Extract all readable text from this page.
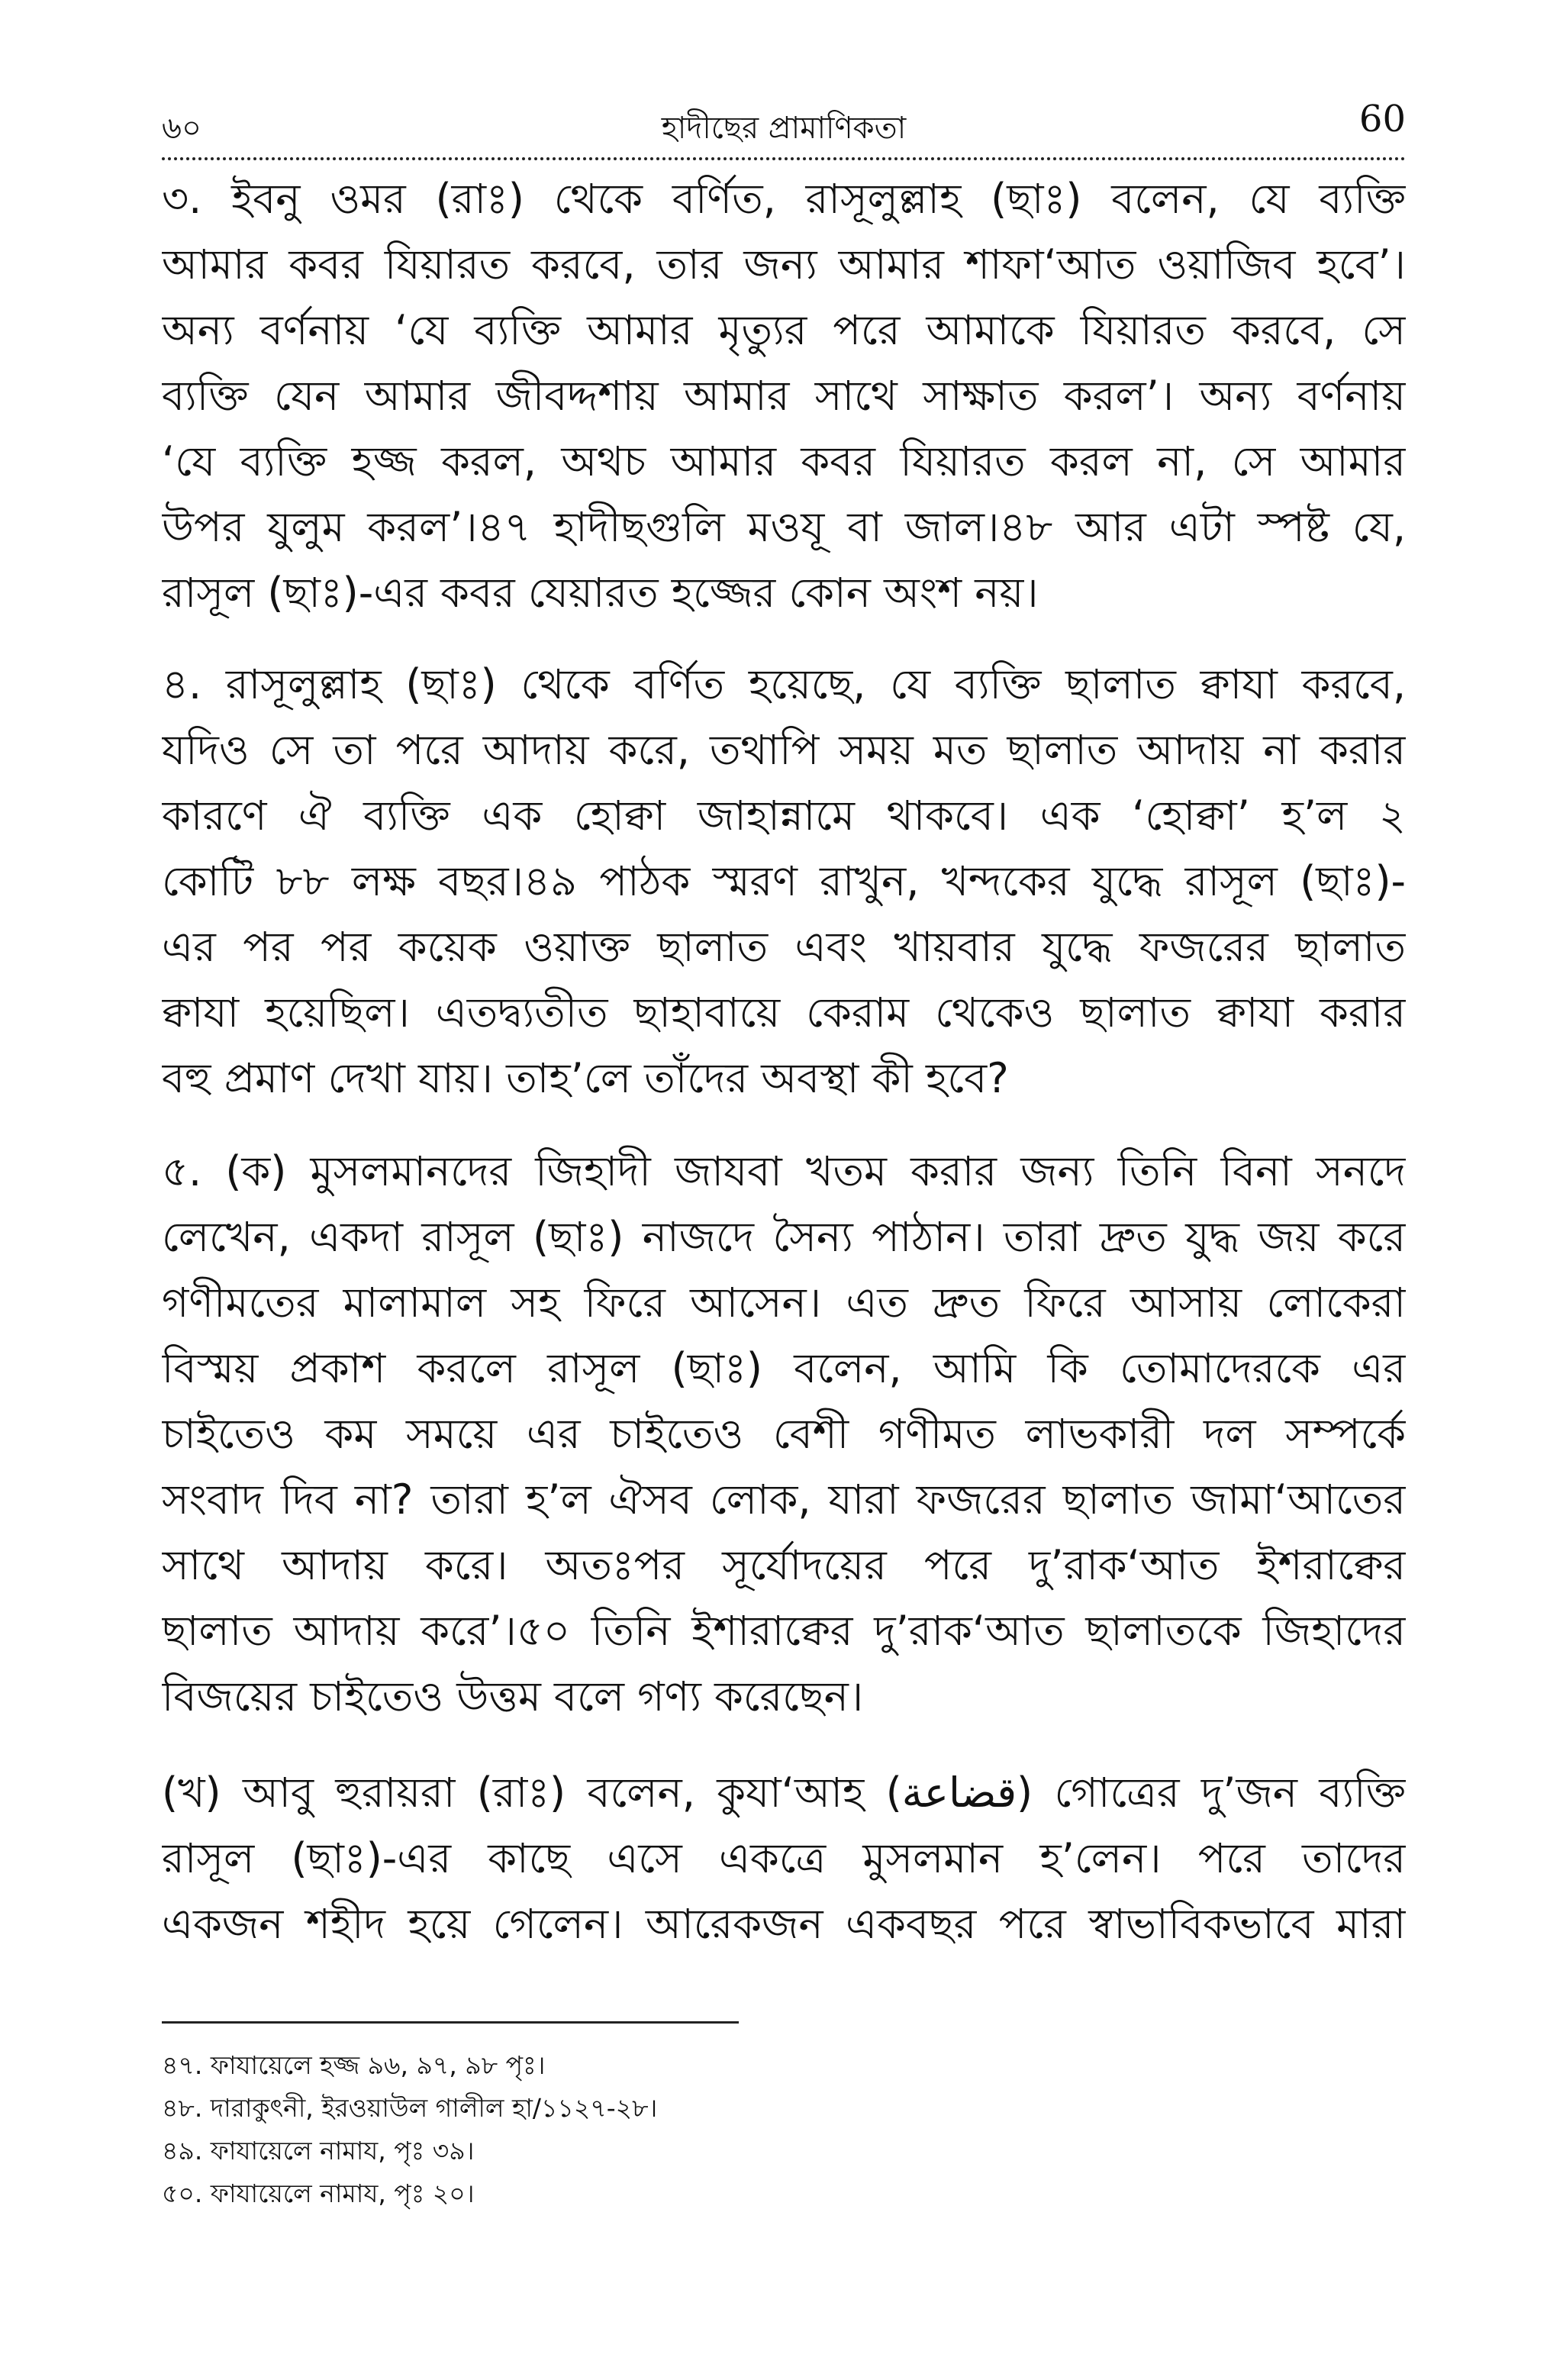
৬০	হাদীছের প্রামাণিকতা	60
৩. ইবনু ওমর (রাঃ) থেকে বর্ণিত, রাসূলুল্লাহ (ছাঃ) বলেন, যে ব্যক্তি
আমার কবর যিয়ারত করবে, তার জন্য আমার শাফা‘আত ওয়াজিব হবে’।
অন্য বর্ণনায় ‘যে ব্যক্তি আমার মৃত্যুর পরে আমাকে যিয়ারত করবে, সে
ব্যক্তি যেন আমার জীবদ্দশায় আমার সাথে সাক্ষাত করল’। অন্য বর্ণনায়
‘যে ব্যক্তি হজ্জ করল, অথচ আমার কবর যিয়ারত করল না, সে আমার
উপর যুলুম করল’।৪৭ হাদীছগুলি মওযূ বা জাল।৪৮ আর এটা স্পষ্ট যে,
রাসূল (ছাঃ)-এর কবর যেয়ারত হজ্জের কোন অংশ নয়।
৪. রাসূলুল্লাহ (ছাঃ) থেকে বর্ণিত হয়েছে, যে ব্যক্তি ছালাত ক্বাযা করবে,
যদিও সে তা পরে আদায় করে, তথাপি সময় মত ছালাত আদায় না করার
কারণে ঐ ব্যক্তি এক হোক্বা জাহান্নামে থাকবে। এক ‘হোক্বা’ হ’ল ২
কোটি ৮৮ লক্ষ বছর।৪৯ পাঠক স্মরণ রাখুন, খন্দকের যুদ্ধে রাসূল (ছাঃ)-
এর পর পর কয়েক ওয়াক্ত ছালাত এবং খায়বার যুদ্ধে ফজরের ছালাত
ক্বাযা হয়েছিল। এতদ্ব্যতীত ছাহাবায়ে কেরাম থেকেও ছালাত ক্বাযা করার
বহু প্রমাণ দেখা যায়। তাহ’লে তাঁদের অবস্থা কী হবে?
৫. (ক) মুসলমানদের জিহাদী জাযবা খতম করার জন্য তিনি বিনা সনদে
লেখেন, একদা রাসূল (ছাঃ) নাজদে সৈন্য পাঠান। তারা দ্রুত যুদ্ধ জয় করে
গণীমতের মালামাল সহ ফিরে আসেন। এত দ্রুত ফিরে আসায় লোকেরা
বিস্ময় প্রকাশ করলে রাসূল (ছাঃ) বলেন, আমি কি তোমাদেরকে এর
চাইতেও কম সময়ে এর চাইতেও বেশী গণীমত লাভকারী দল সম্পর্কে
সংবাদ দিব না? তারা হ’ল ঐসব লোক, যারা ফজরের ছালাত জামা‘আতের
সাথে আদায় করে। অতঃপর সূর্যোদয়ের পরে দু’রাক‘আত ইশরাক্বের
ছালাত আদায় করে’।৫০ তিনি ইশারাক্বের দু’রাক‘আত ছালাতকে জিহাদের
বিজয়ের চাইতেও উত্তম বলে গণ্য করেছেন।
(খ) আবু হুরায়রা (রাঃ) বলেন, কুযা‘আহ (قضاعة) গোত্রের দু’জন ব্যক্তি
রাসূল (ছাঃ)-এর কাছে এসে একত্রে মুসলমান হ’লেন। পরে তাদের
একজন শহীদ হয়ে গেলেন। আরেকজন একবছর পরে স্বাভাবিকভাবে মারা
৪৭. ফাযায়েলে হজ্জ ৯৬, ৯৭, ৯৮ পৃঃ।
৪৮. দারাকুৎনী, ইরওয়াউল গালীল হা/১১২৭-২৮।
৪৯. ফাযায়েলে নামায, পৃঃ ৩৯।
৫০. ফাযায়েলে নামায, পৃঃ ২০।
